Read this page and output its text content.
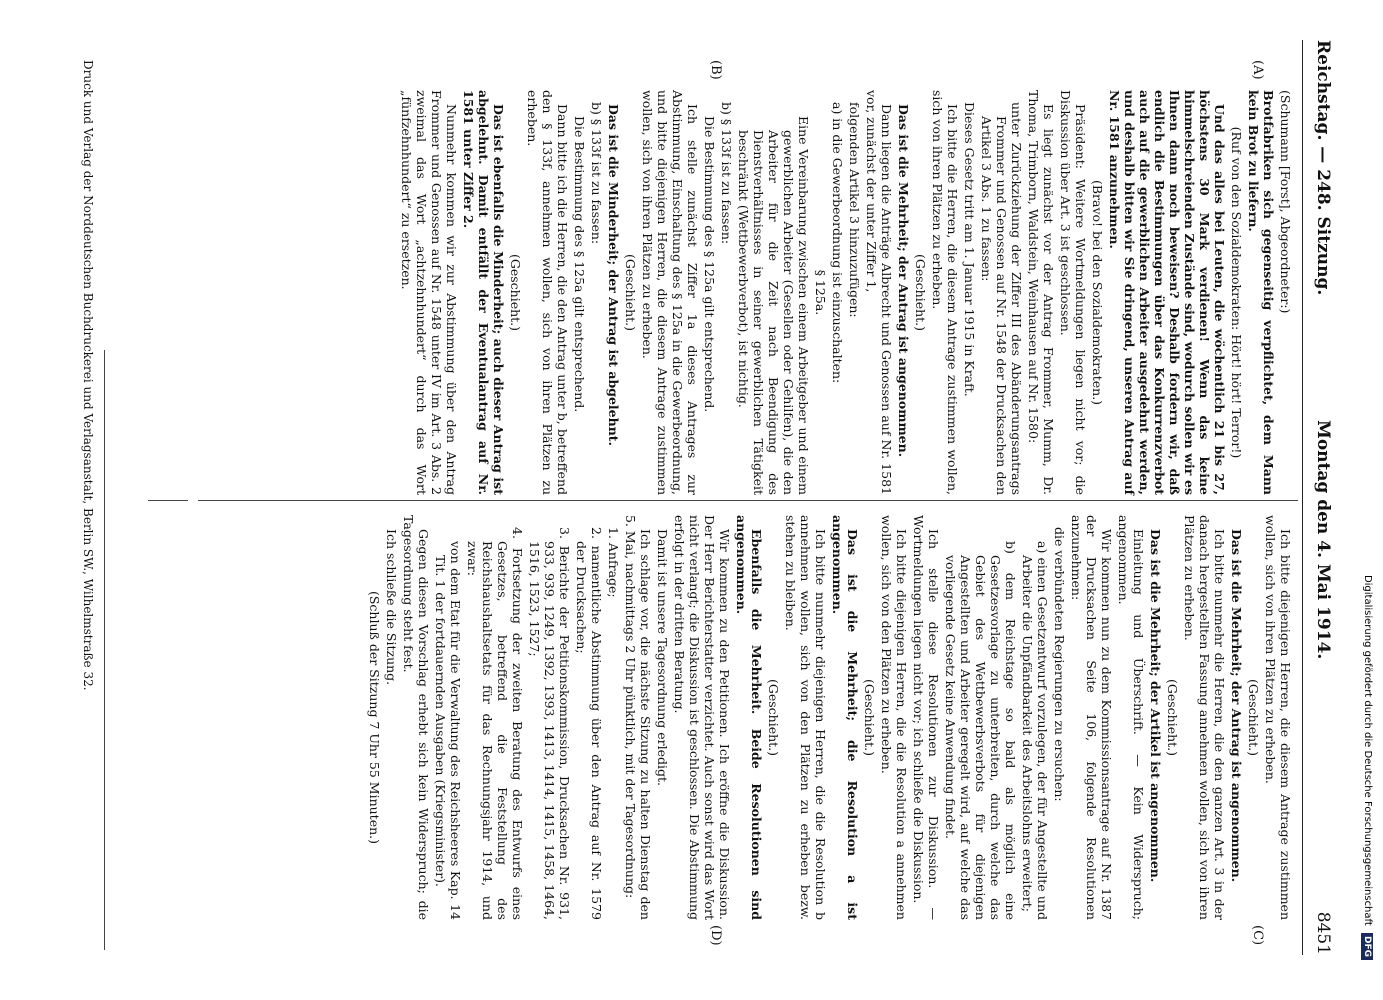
Digitalisierung gefördert durch die Deutsche Forschungsgemeinschaft DFG
Reichstag. — 248. Sitzung.
Montag den 4. Mai 1914.
8451
(A)
(B)
(C)
(D)

(Schumann [Forst], Abgeordneter:)

Brotfabriken sich gegenseitig verpflichtet, dem Mann kein Brot zu liefern.

(Ruf von den Sozialdemokraten: Hört! hört! Terror!)

Und das alles bei Leuten, die wöchentlich 21 bis 27, höchstens 30 Mark verdienen! Wenn das keine himmelschreienden Zustände sind, wodurch sollen wir es Ihnen dann noch beweisen? Deshalb fordern wir, daß endlich die Bestimmungen über das Konkurrenzverbot auch auf die gewerblichen Arbeiter ausgedehnt werden, und deshalb bitten wir Sie dringend, unseren Antrag auf Nr. 1581 anzunehmen.

(Bravo! bei den Sozialdemokraten.)

Präsident: Weitere Wortmeldungen liegen nicht vor; die Diskussion über Art. 3 ist geschlossen.

Es liegt zunächst vor der Antrag Frommer, Mumm, Dr. Thoma, Trimborn, Waldstein, Weinhausen auf Nr. 1580:

unter Zurückziehung der Ziffer III des Abänderungsantrags Frommer und Genossen auf Nr. 1548 der Drucksachen den Artikel 3 Abs. 1 zu fassen:

Dieses Gesetz tritt am 1. Januar 1915 in Kraft.

Ich bitte die Herren, die diesem Antrage zustimmen wollen, sich von ihren Plätzen zu erheben.

(Geschieht.)

Das ist die Mehrheit; der Antrag ist angenommen.

Dann liegen die Anträge Albrecht und Genossen auf Nr. 1581 vor, zunächst der unter Ziffer 1,

folgenden Artikel 3 hinzuzufügen:

a) in die Gewerbeordnung ist einzuschalten:

§ 125a.

Eine Vereinbarung zwischen einem Arbeitgeber und einem gewerblichen Arbeiter (Gesellen oder Gehilfen), die den Arbeiter für die Zeit nach Beendigung des Dienstverhältnisses in seiner gewerblichen Tätigkeit beschränkt (Wettbewerbverbot), ist nichtig.

b) § 133f ist zu fassen:

Die Bestimmung des § 125a gilt entsprechend.

Ich stelle zunächst Ziffer 1a dieses Antrages zur Abstimmung, Einschaltung des § 125a in die Gewerbeordnung, und bitte diejenigen Herren, die diesem Antrage zustimmen wollen, sich von ihren Plätzen zu erheben.

(Geschieht.)

Das ist die Minderheit; der Antrag ist abgelehnt.

b) § 133f ist zu fassen:

Die Bestimmung des § 125a gilt entsprechend.

Dann bitte ich die Herren, die den Antrag unter b, betreffend den § 133f, annehmen wollen, sich von ihren Plätzen zu erheben.

(Geschieht.)

Das ist ebenfalls die Minderheit; auch dieser Antrag ist abgelehnt. Damit entfällt der Eventualantrag auf Nr. 1581 unter Ziffer 2.

Nunmehr kommen wir zur Abstimmung über den Antrag Frommer und Genossen auf Nr. 1548 unter IV im Art. 3 Abs. 2 zweimal das Wort „achtzehnhundert“ durch das Wort „fünfzehnhundert“ zu ersetzen.

Ich bitte diejenigen Herren, die diesem Antrage zustimmen wollen, sich von ihren Plätzen zu erheben.

(Geschieht.)

Das ist die Mehrheit; der Antrag ist angenommen.

Ich bitte nunmehr die Herren, die den ganzen Art. 3 in der danach hergestellten Fassung annehmen wollen, sich von ihren Plätzen zu erheben.

(Geschieht.)

Das ist die Mehrheit; der Artikel ist angenommen.

Einleitung und Überschrift. — Kein Widerspruch; angenommen.

Wir kommen nun zu dem Kommissionsantrage auf Nr. 1387 der Drucksachen Seite 106, folgende Resolutionen anzunehmen:

die verbündeten Regierungen zu ersuchen:

a) einen Gesetzentwurf vorzulegen, der für Angestellte und Arbeiter die Unpfändbarkeit des Arbeitslohns erweitert;

b) dem Reichstage so bald als möglich eine Gesetzesvorlage zu unterbreiten, durch welche das Gebiet des Wettbewerbsverbots für diejenigen Angestellten und Arbeiter geregelt wird, auf welche das vorliegende Gesetz keine Anwendung findet.

Ich stelle diese Resolutionen zur Diskussion. — Wortmeldungen liegen nicht vor; ich schließe die Diskussion.

Ich bitte diejenigen Herren, die die Resolution a annehmen wollen, sich von den Plätzen zu erheben.

(Geschieht.)

Das ist die Mehrheit; die Resolution a ist angenommen.

Ich bitte nunmehr diejenigen Herren, die die Resolution b annehmen wollen, sich von den Plätzen zu erheben bezw. stehen zu bleiben.

(Geschieht.)

Ebenfalls die Mehrheit. Beide Resolutionen sind angenommen.

Wir kommen zu den Petitionen. Ich eröffne die Diskussion. Der Herr Berichterstatter verzichtet. Auch sonst wird das Wort nicht verlangt; die Diskussion ist geschlossen. Die Abstimmung erfolgt in der dritten Beratung.

Damit ist unsere Tagesordnung erledigt.

Ich schlage vor, die nächste Sitzung zu halten Dienstag den 5. Mai, nachmittags 2 Uhr pünktlich, mit der Tagesordnung:

1. Anfrage;

2. namentliche Abstimmung über den Antrag auf Nr. 1579 der Drucksachen;

3. Berichte der Petitionskommission, Drucksachen Nr. 931, 933, 939, 1249, 1392, 1393, 1413, 1414, 1415, 1458, 1464, 1516, 1523, 1527;

4. Fortsetzung der zweiten Beratung des Entwurfs eines Gesetzes, betreffend die Feststellung des Reichshaushaltsetats für das Rechnungsjahr 1914, und zwar:

von dem Etat für die Verwaltung des Reichsheeres Kap. 14 Tit. 1 der fortdauernden Ausgaben (Kriegsminister).

Gegen diesen Vorschlag erhebt sich kein Widerspruch; die Tagesordnung steht fest.

Ich schließe die Sitzung.

(Schluß der Sitzung 7 Uhr 55 Minuten.)

Druck und Verlag der Norddeutschen Buchdruckerei und Verlagsanstalt, Berlin SW., Wilhelmstraße 32.
